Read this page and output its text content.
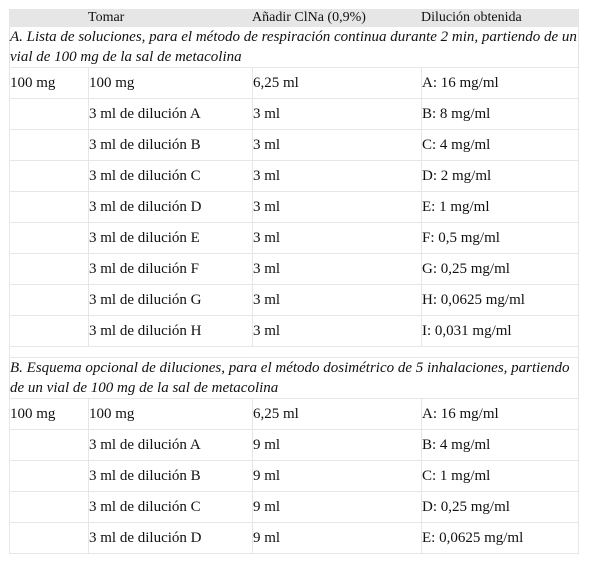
	Tomar	Añadir ClNa (0,9%)	Dilución obtenida
A. Lista de soluciones, para el método de respiración continua durante 2 min, partiendo de un vial de 100 mg de la sal de metacolina			
100 mg	100 mg	6,25 ml	A: 16 mg/ml
	3 ml de dilución A	3 ml	B: 8 mg/ml
	3 ml de dilución B	3 ml	C: 4 mg/ml
	3 ml de dilución C	3 ml	D: 2 mg/ml
	3 ml de dilución D	3 ml	E: 1 mg/ml
	3 ml de dilución E	3 ml	F: 0,5 mg/ml
	3 ml de dilución F	3 ml	G: 0,25 mg/ml
	3 ml de dilución G	3 ml	H: 0,0625 mg/ml
	3 ml de dilución H	3 ml	I: 0,031 mg/ml

B. Esquema opcional de diluciones, para el método dosimétrico de 5 inhalaciones, partiendo de un vial de 100 mg de la sal de metacolina			
100 mg	100 mg	6,25 ml	A: 16 mg/ml
	3 ml de dilución A	9 ml	B: 4 mg/ml
	3 ml de dilución B	9 ml	C: 1 mg/ml
	3 ml de dilución C	9 ml	D: 0,25 mg/ml
	3 ml de dilución D	9 ml	E: 0,0625 mg/ml
